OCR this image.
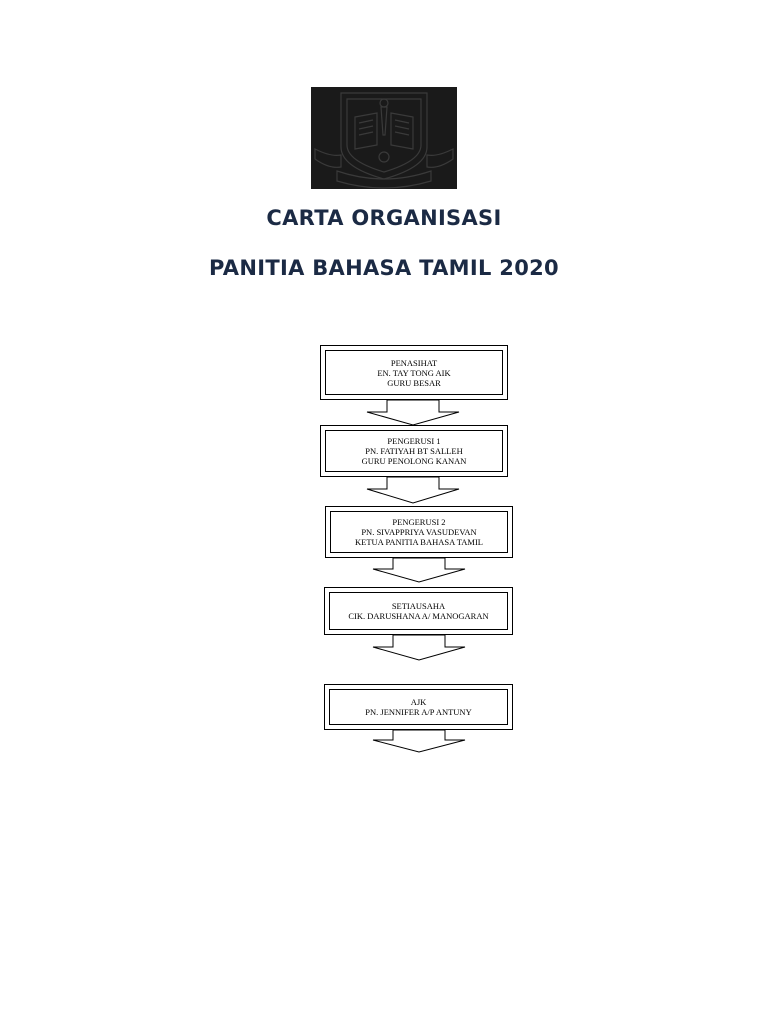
CARTA ORGANISASI
PANITIA BAHASA TAMIL 2020
PENASIHAT
EN. TAY TONG AIK
GURU BESAR
PENGERUSI 1
PN. FATIYAH BT SALLEH
GURU PENOLONG KANAN
PENGERUSI 2
PN. SIVAPPRIYA VASUDEVAN
KETUA PANITIA BAHASA TAMIL
SETIAUSAHA
CIK. DARUSHANA A/ MANOGARAN
AJK
PN. JENNIFER A/P ANTUNY
